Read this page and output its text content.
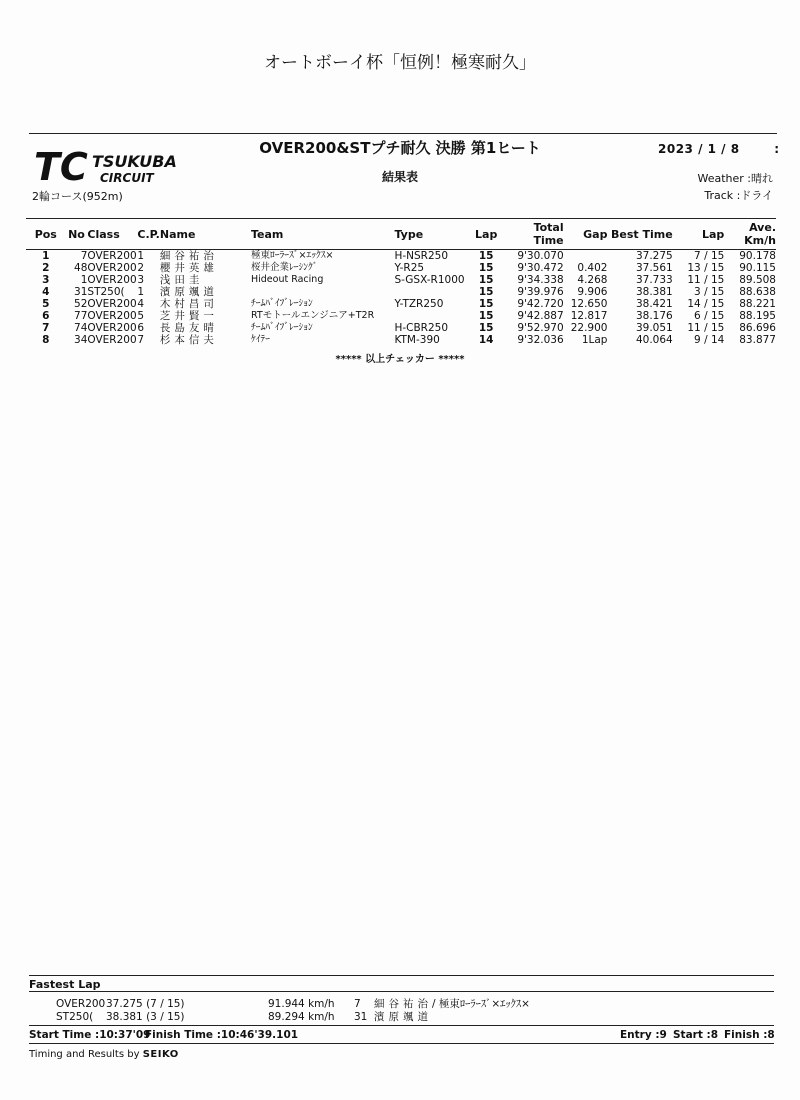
オートボーイ杯「恒例！極寒耐久」
TC TSUKUBA
CIRCUIT
2輪コース(952m)
OVER200&STプチ耐久 決勝 第1ヒート
結果表
2023 / 1 / 8	:
Weather :晴れ
Track :ドライ
Pos	No	Class	C.P.	Name	Team	Type	Lap	Total Time	Gap	Best Time	Lap	Ave.
Km/h

1	7	OVER200	1	細谷祐治	極東ﾛｰﾗｰｽﾞ×ｴｯｸｽ×	H-NSR250	15	9'30.070		37.275	7 / 15	90.178
2	48	OVER200	2	櫻井英雄	桜井企業ﾚｰｼﾝｸﾞ	Y-R25	15	9'30.472	0.402	37.561	13 / 15	90.115
3	1	OVER200	3	浅田圭	Hideout Racing	S-GSX-R1000	15	9'34.338	4.268	37.733	11 / 15	89.508
4	31	ST250(	1	濱原颯道			15	9'39.976	9.906	38.381	3 / 15	88.638
5	52	OVER200	4	木村昌司	ﾁｰﾑﾊﾞｲﾌﾞﾚｰｼｮﾝ	Y-TZR250	15	9'42.720	12.650	38.421	14 / 15	88.221
6	77	OVER200	5	芝井賢一	RTモトールエンジニア+T2R		15	9'42.887	12.817	38.176	6 / 15	88.195
7	74	OVER200	6	長島友晴	ﾁｰﾑﾊﾞｲﾌﾞﾚｰｼｮﾝ	H-CBR250	15	9'52.970	22.900	39.051	11 / 15	86.696
8	34	OVER200	7	杉本信夫	ｹｲﾃｰ	KTM-390	14	9'32.036	1Lap	40.064	9 / 14	83.877
***** 以上チェッカー *****
Fastest Lap
OVER20037.275 (7 / 15)	91.944 km/h 7 細谷祐治/ 極東ﾛｰﾗｰｽﾞ×ｴｯｸｽ×
ST250( 38.381 (3 / 15)	89.294 km/h 31 濱原颯道
Start Time :10:37'09
Finish Time :10:46'39.101	Entry :9 Start :8 Finish :8
Timing and Results by SEIKO
